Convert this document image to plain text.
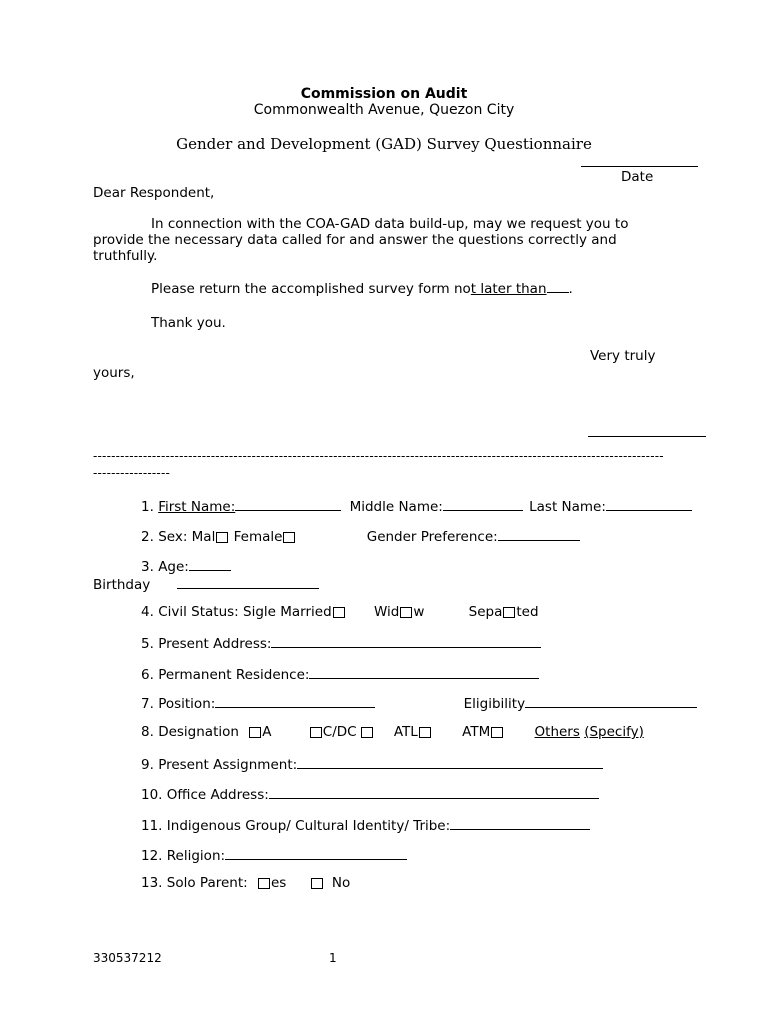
Commission on Audit
Commonwealth Avenue, Quezon City
Gender and Development (GAD) Survey Questionnaire
Date
Dear Respondent,
In connection with the COA-GAD data build-up, may we request you to provide the necessary data called for and answer the questions correctly and truthfully.
Please return the accomplished survey form not later than .
Thank you.
Very truly
yours,
------------------------------------------------------------------------------------------------------------------------------
-----------------
1. First Name:	Middle Name:	Last Name:
2. Sex: Mal Female	Gender Preference:
3. Age:
Birthday
4. Civil Status: Sigle Married	Wid w	Sepa ted
5. Present Address:
6. Permanent Residence:
7. Position:	Eligibility
8. Designation A	C/DC	ATL	ATM	Others (Specify)
9. Present Assignment:
10. Office Address:
11. Indigenous Group/ Cultural Identity/ Tribe:
12. Religion:
13. Solo Parent: es	No
330537212	1
